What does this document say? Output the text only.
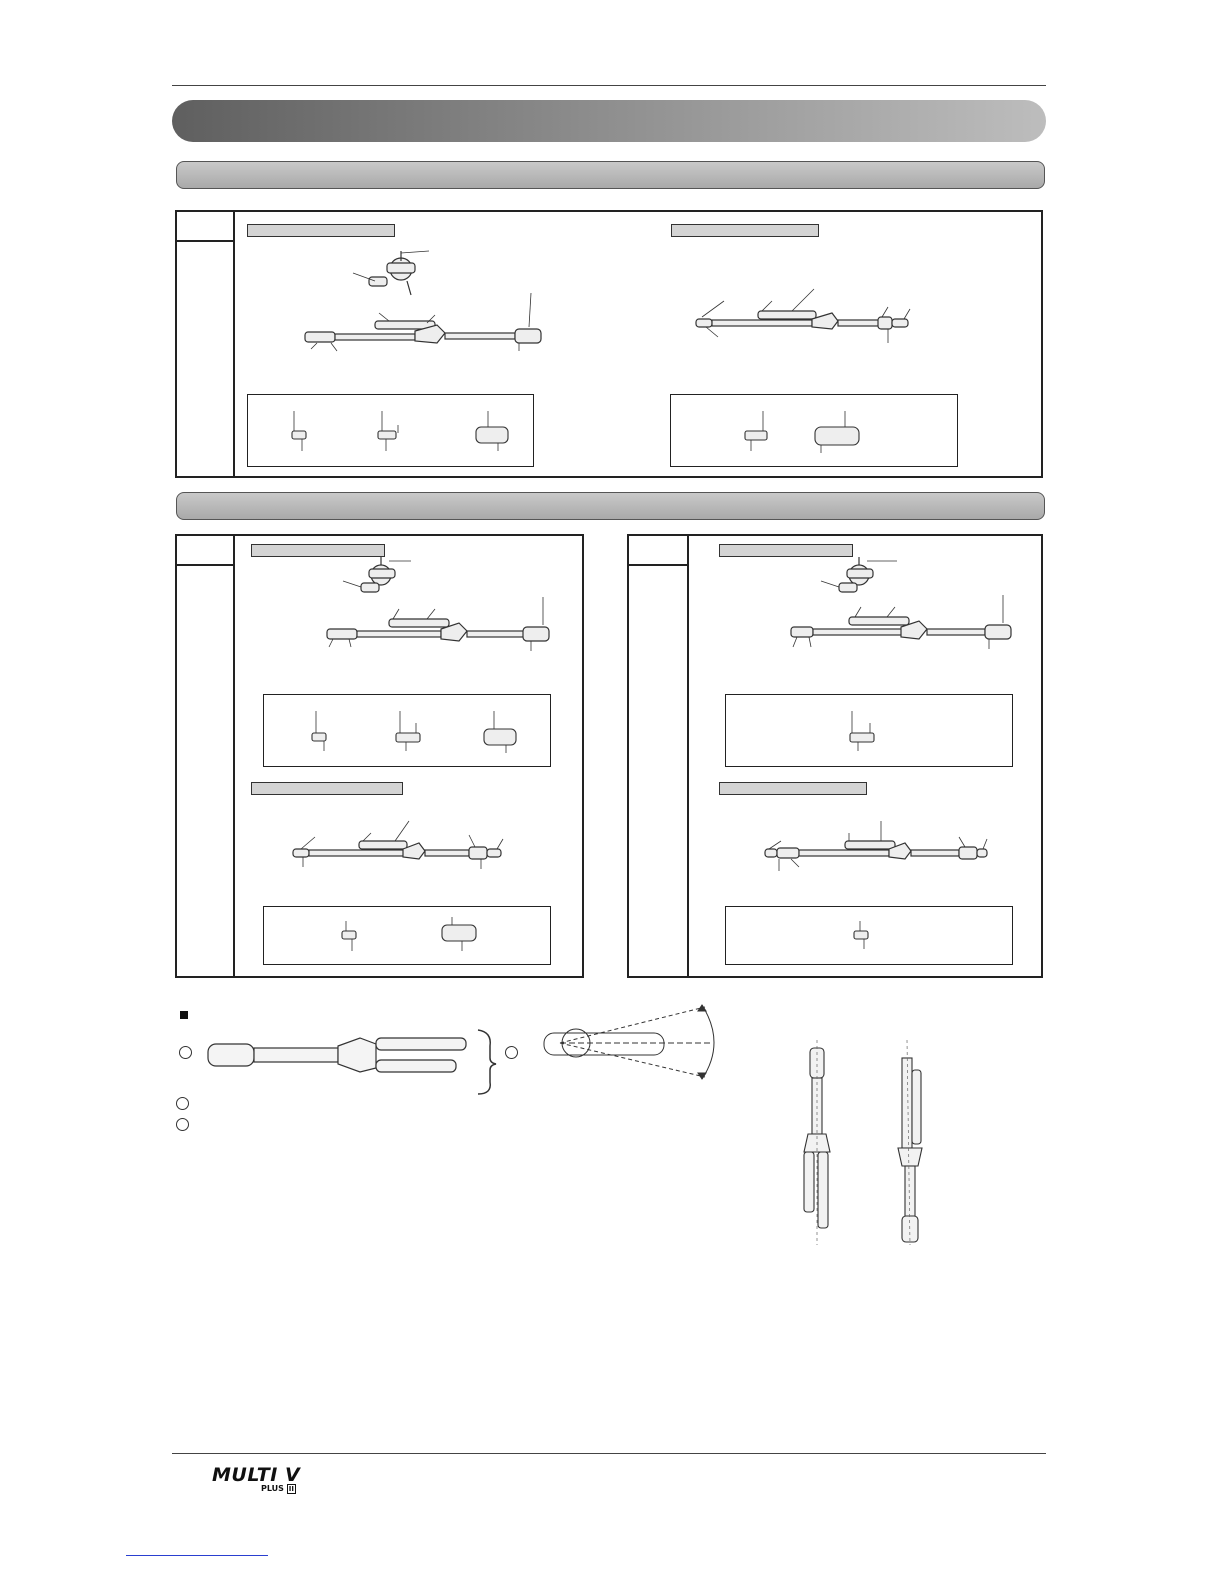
MULTI V
PLUS II
